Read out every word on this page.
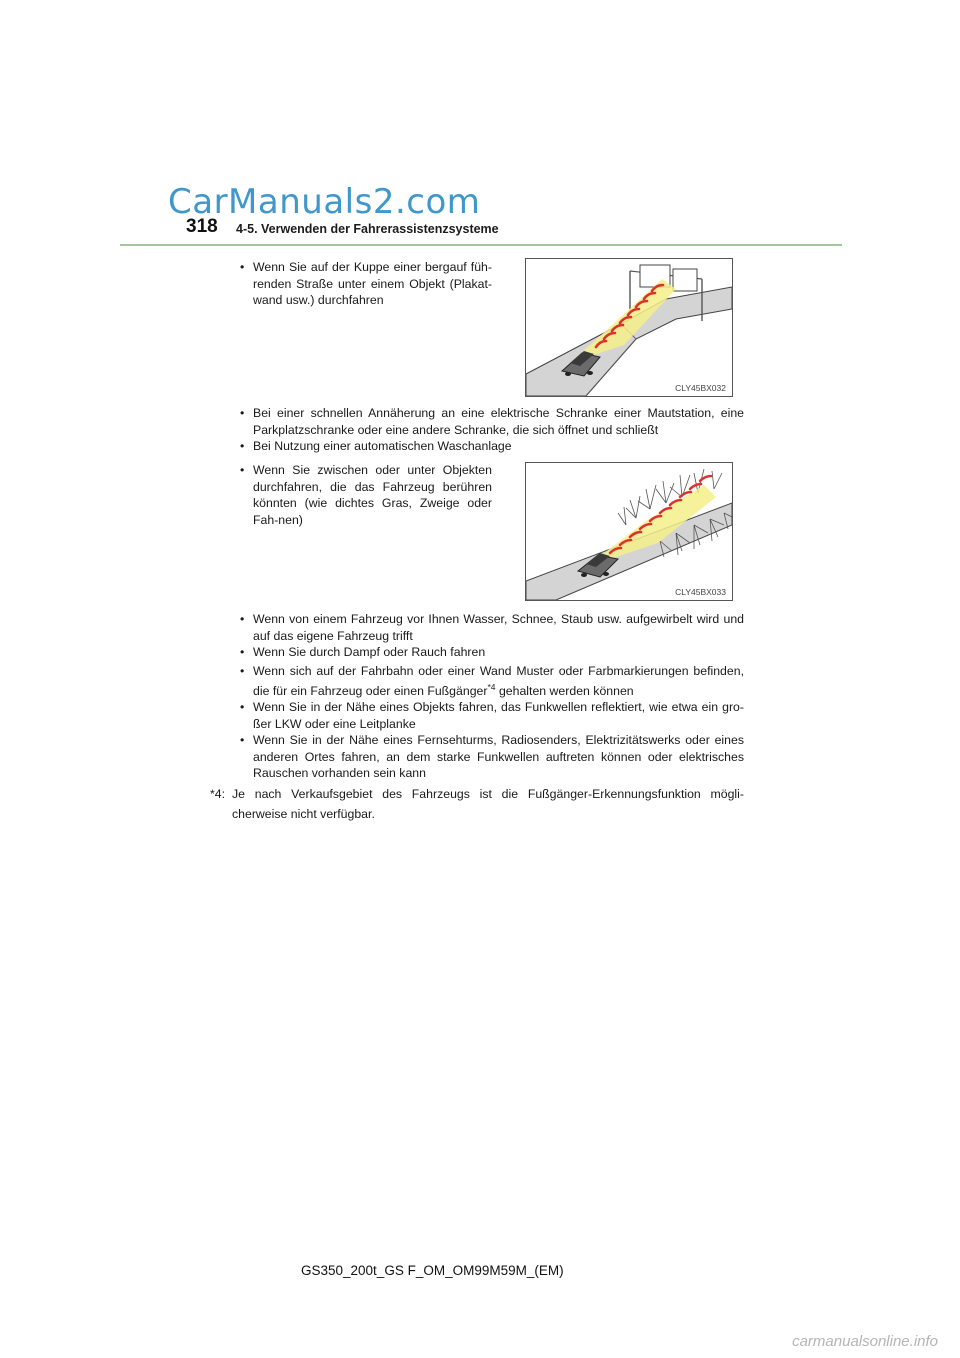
CarManuals2.com
318 4-5. Verwenden der Fahrerassistenzsysteme
• Wenn Sie auf der Kuppe einer bergauf füh-renden Straße unter einem Objekt (Plakat-wand usw.) durchfahren
CLY45BX032
• Bei einer schnellen Annäherung an eine elektrische Schranke einer Mautstation, eine Parkplatzschranke oder eine andere Schranke, die sich öffnet und schließt
• Bei Nutzung einer automatischen Waschanlage
• Wenn Sie zwischen oder unter Objekten durchfahren, die das Fahrzeug berühren könnten (wie dichtes Gras, Zweige oder Fah-nen)
CLY45BX033
• Wenn von einem Fahrzeug vor Ihnen Wasser, Schnee, Staub usw. aufgewirbelt wird und auf das eigene Fahrzeug trifft
• Wenn Sie durch Dampf oder Rauch fahren
• Wenn sich auf der Fahrbahn oder einer Wand Muster oder Farbmarkierungen befinden, die für ein Fahrzeug oder einen Fußgänger$^{*4}$ gehalten werden können
• Wenn Sie in der Nähe eines Objekts fahren, das Funkwellen reflektiert, wie etwa ein gro-ßer LKW oder eine Leitplanke
• Wenn Sie in der Nähe eines Fernsehturms, Radiosenders, Elektrizitätswerks oder eines anderen Ortes fahren, an dem starke Funkwellen auftreten können oder elektrisches Rauschen vorhanden sein kann
*4: Je nach Verkaufsgebiet des Fahrzeugs ist die Fußgänger-Erkennungsfunktion mögli-cherweise nicht verfügbar.
GS350_200t_GS F_OM_OM99M59M_(EM)
carmanualsonline.info
